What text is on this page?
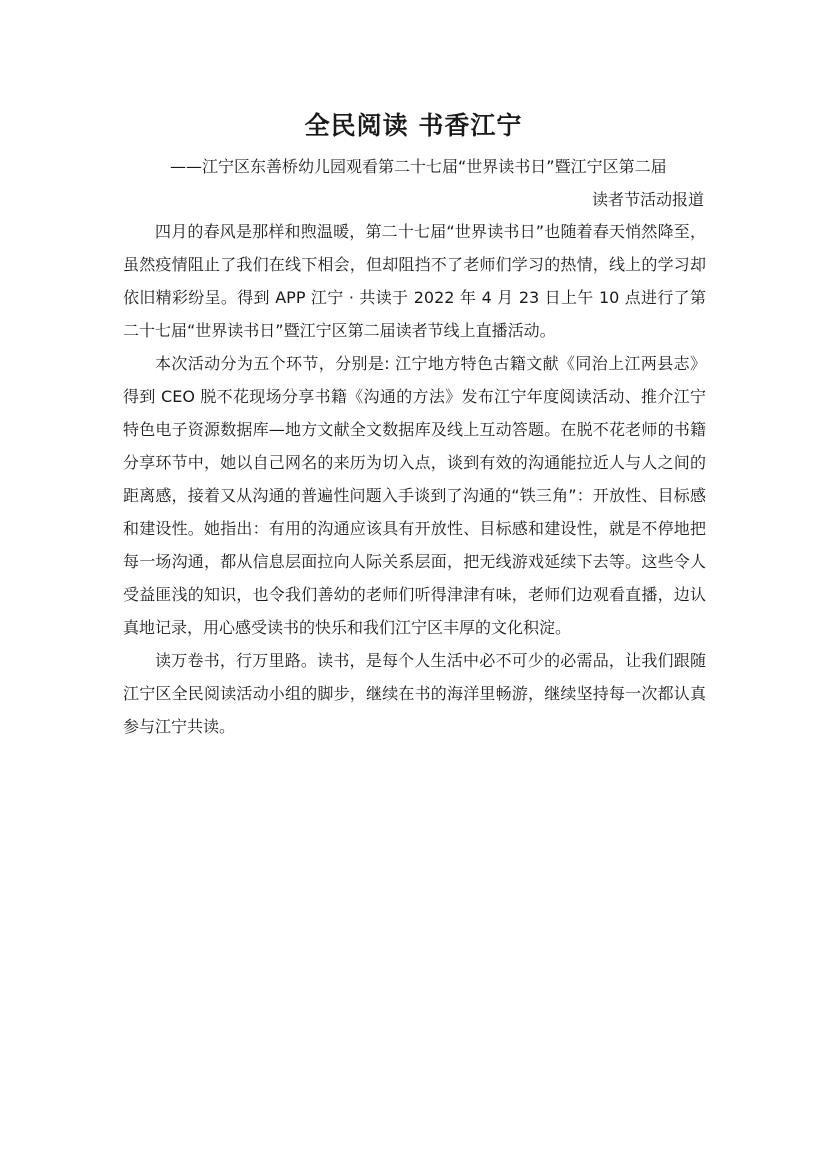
全民阅读 书香江宁
——江宁区东善桥幼儿园观看第二十七届“世界读书日”暨江宁区第二届
读者节活动报道

四月的春风是那样和煦温暖，第二十七届“世界读书日”也随着春天悄然降至，虽然疫情阻止了我们在线下相会，但却阻挡不了老师们学习的热情，线上的学习却依旧精彩纷呈。得到 APP 江宁 · 共读于 2022 年 4 月 23 日上午 10 点进行了第二十七届“世界读书日”暨江宁区第二届读者节线上直播活动。

本次活动分为五个环节，分别是: 江宁地方特色古籍文献《同治上江两县志》得到 CEO 脱不花现场分享书籍《沟通的方法》发布江宁年度阅读活动、推介江宁特色电子资源数据库—地方文献全文数据库及线上互动答题。在脱不花老师的书籍分享环节中，她以自己网名的来历为切入点，谈到有效的沟通能拉近人与人之间的距离感，接着又从沟通的普遍性问题入手谈到了沟通的“铁三角”：开放性、目标感和建设性。她指出：有用的沟通应该具有开放性、目标感和建设性，就是不停地把每一场沟通，都从信息层面拉向人际关系层面，把无线游戏延续下去等。这些令人受益匪浅的知识，也令我们善幼的老师们听得津津有味，老师们边观看直播，边认真地记录，用心感受读书的快乐和我们江宁区丰厚的文化积淀。

读万卷书，行万里路。读书，是每个人生活中必不可少的必需品，让我们跟随江宁区全民阅读活动小组的脚步，继续在书的海洋里畅游，继续坚持每一次都认真参与江宁共读。
